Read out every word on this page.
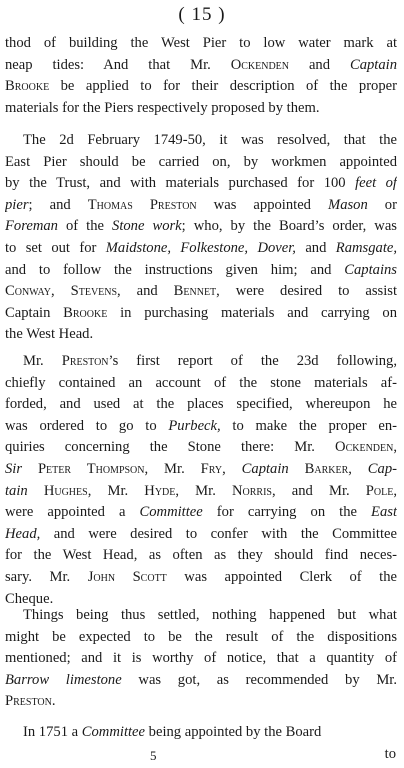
( 15 )
thod of building the West Pier to low water mark at
neap tides: And that Mr. Ockenden and Captain
Brooke be applied to for their description of the proper
materials for the Piers respectively proposed by them.
The 2d February 1749-50, it was resolved, that the
East Pier should be carried on, by workmen appointed
by the Trust, and with materials purchased for 100 feet of
pier; and Thomas Preston was appointed Mason or
Foreman of the Stone work; who, by the Board’s order, was
to set out for Maidstone, Folkestone, Dover, and Ramsgate,
and to follow the instructions given him; and Captains
Conway, Stevens, and Bennet, were desired to assist
Captain Brooke in purchasing materials and carrying on
the West Head.
Mr. Preston’s first report of the 23d following,
chiefly contained an account of the stone materials af-
forded, and used at the places specified, whereupon he
was ordered to go to Purbeck, to make the proper en-
quiries concerning the Stone there: Mr. Ockenden,
Sir Peter Thompson, Mr. Fry, Captain Barker, Cap-
tain Hughes, Mr. Hyde, Mr. Norris, and Mr. Pole,
were appointed a Committee for carrying on the East
Head, and were desired to confer with the Committee
for the West Head, as often as they should find neces-
sary. Mr. John Scott was appointed Clerk of the
Cheque.
Things being thus settled, nothing happened but what
might be expected to be the result of the dispositions
mentioned; and it is worthy of notice, that a quantity of
Barrow limestone was got, as recommended by Mr.
Preston.
In 1751 a Committee being appointed by the Board
5	to
